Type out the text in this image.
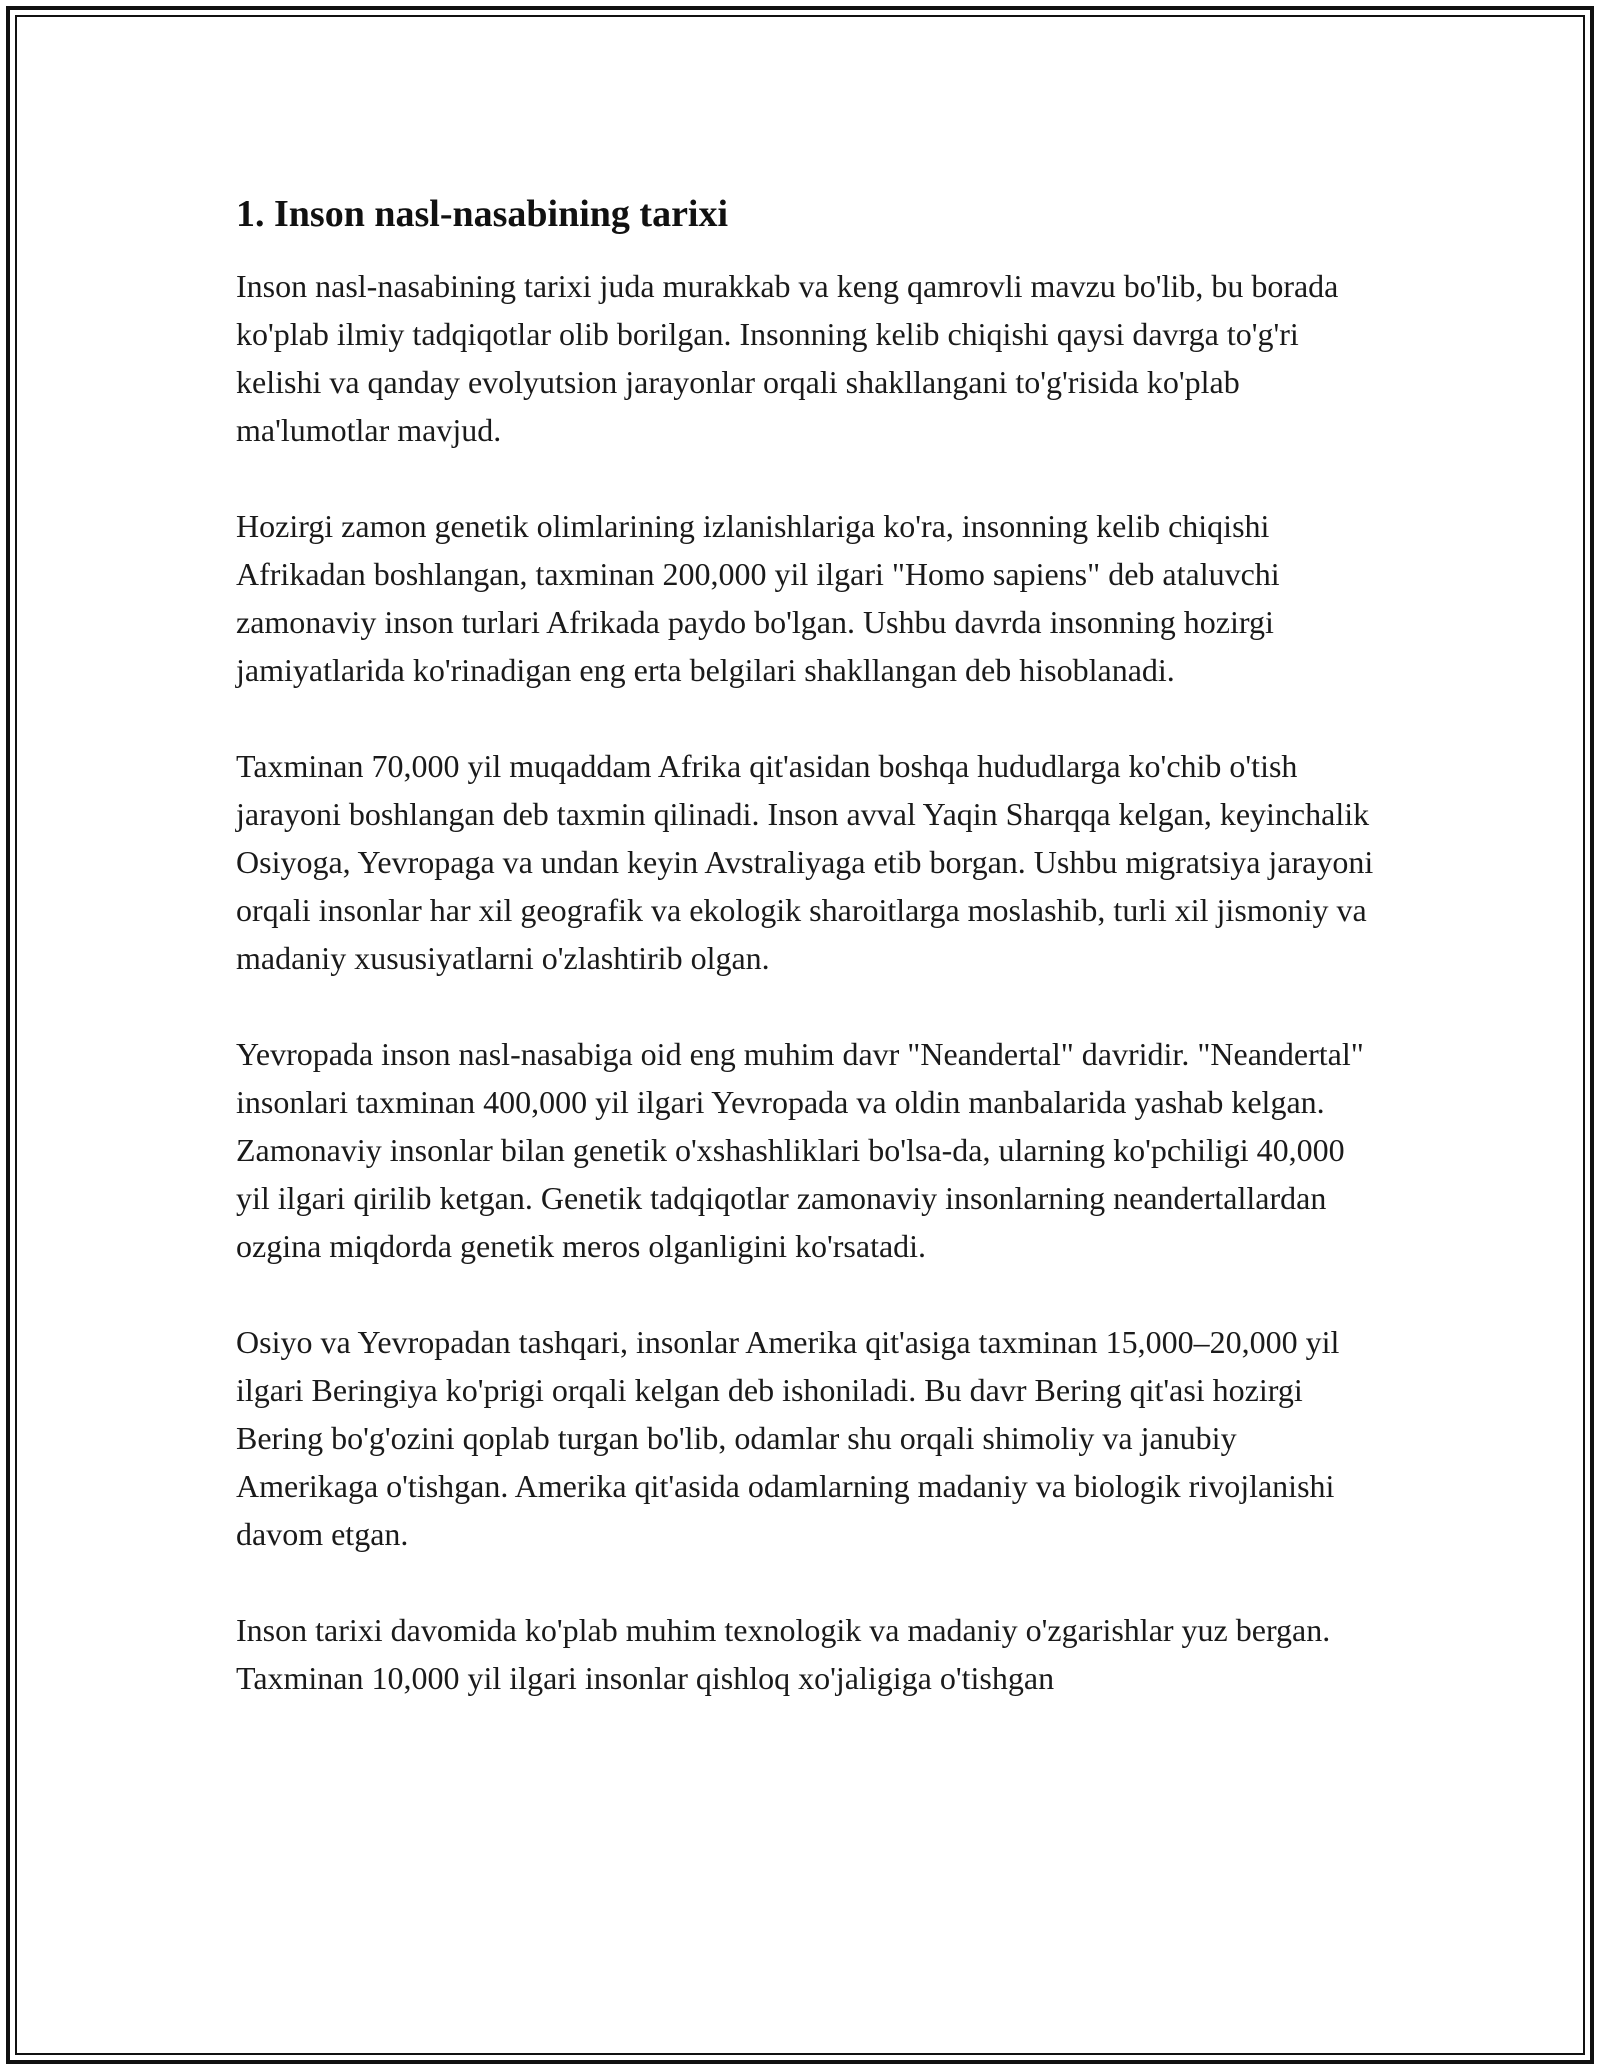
1. Inson nasl-nasabining tarixi

Inson nasl-nasabining tarixi juda murakkab va keng qamrovli mavzu bo'lib, bu borada ko'plab ilmiy tadqiqotlar olib borilgan. Insonning kelib chiqishi qaysi davrga to'g'ri kelishi va qanday evolyutsion jarayonlar orqali shakllangani to'g'risida ko'plab ma'lumotlar mavjud.

Hozirgi zamon genetik olimlarining izlanishlariga ko'ra, insonning kelib chiqishi Afrikadan boshlangan, taxminan 200,000 yil ilgari "Homo sapiens" deb ataluvchi zamonaviy inson turlari Afrikada paydo bo'lgan. Ushbu davrda insonning hozirgi jamiyatlarida ko'rinadigan eng erta belgilari shakllangan deb hisoblanadi.

Taxminan 70,000 yil muqaddam Afrika qit'asidan boshqa hududlarga ko'chib o'tish jarayoni boshlangan deb taxmin qilinadi. Inson avval Yaqin Sharqqa kelgan, keyinchalik Osiyoga, Yevropaga va undan keyin Avstraliyaga etib borgan. Ushbu migratsiya jarayoni orqali insonlar har xil geografik va ekologik sharoitlarga moslashib, turli xil jismoniy va madaniy xususiyatlarni o'zlashtirib olgan.

Yevropada inson nasl-nasabiga oid eng muhim davr "Neandertal" davridir. "Neandertal" insonlari taxminan 400,000 yil ilgari Yevropada va oldin manbalarida yashab kelgan. Zamonaviy insonlar bilan genetik o'xshashliklari bo'lsa-da, ularning ko'pchiligi 40,000 yil ilgari qirilib ketgan. Genetik tadqiqotlar zamonaviy insonlarning neandertallardan ozgina miqdorda genetik meros olganligini ko'rsatadi.

Osiyo va Yevropadan tashqari, insonlar Amerika qit'asiga taxminan 15,000–20,000 yil ilgari Beringiya ko'prigi orqali kelgan deb ishoniladi. Bu davr Bering qit'asi hozirgi Bering bo'g'ozini qoplab turgan bo'lib, odamlar shu orqali shimoliy va janubiy Amerikaga o'tishgan. Amerika qit'asida odamlarning madaniy va biologik rivojlanishi davom etgan.

Inson tarixi davomida ko'plab muhim texnologik va madaniy o'zgarishlar yuz bergan. Taxminan 10,000 yil ilgari insonlar qishloq xo'jaligiga o'tishgan
